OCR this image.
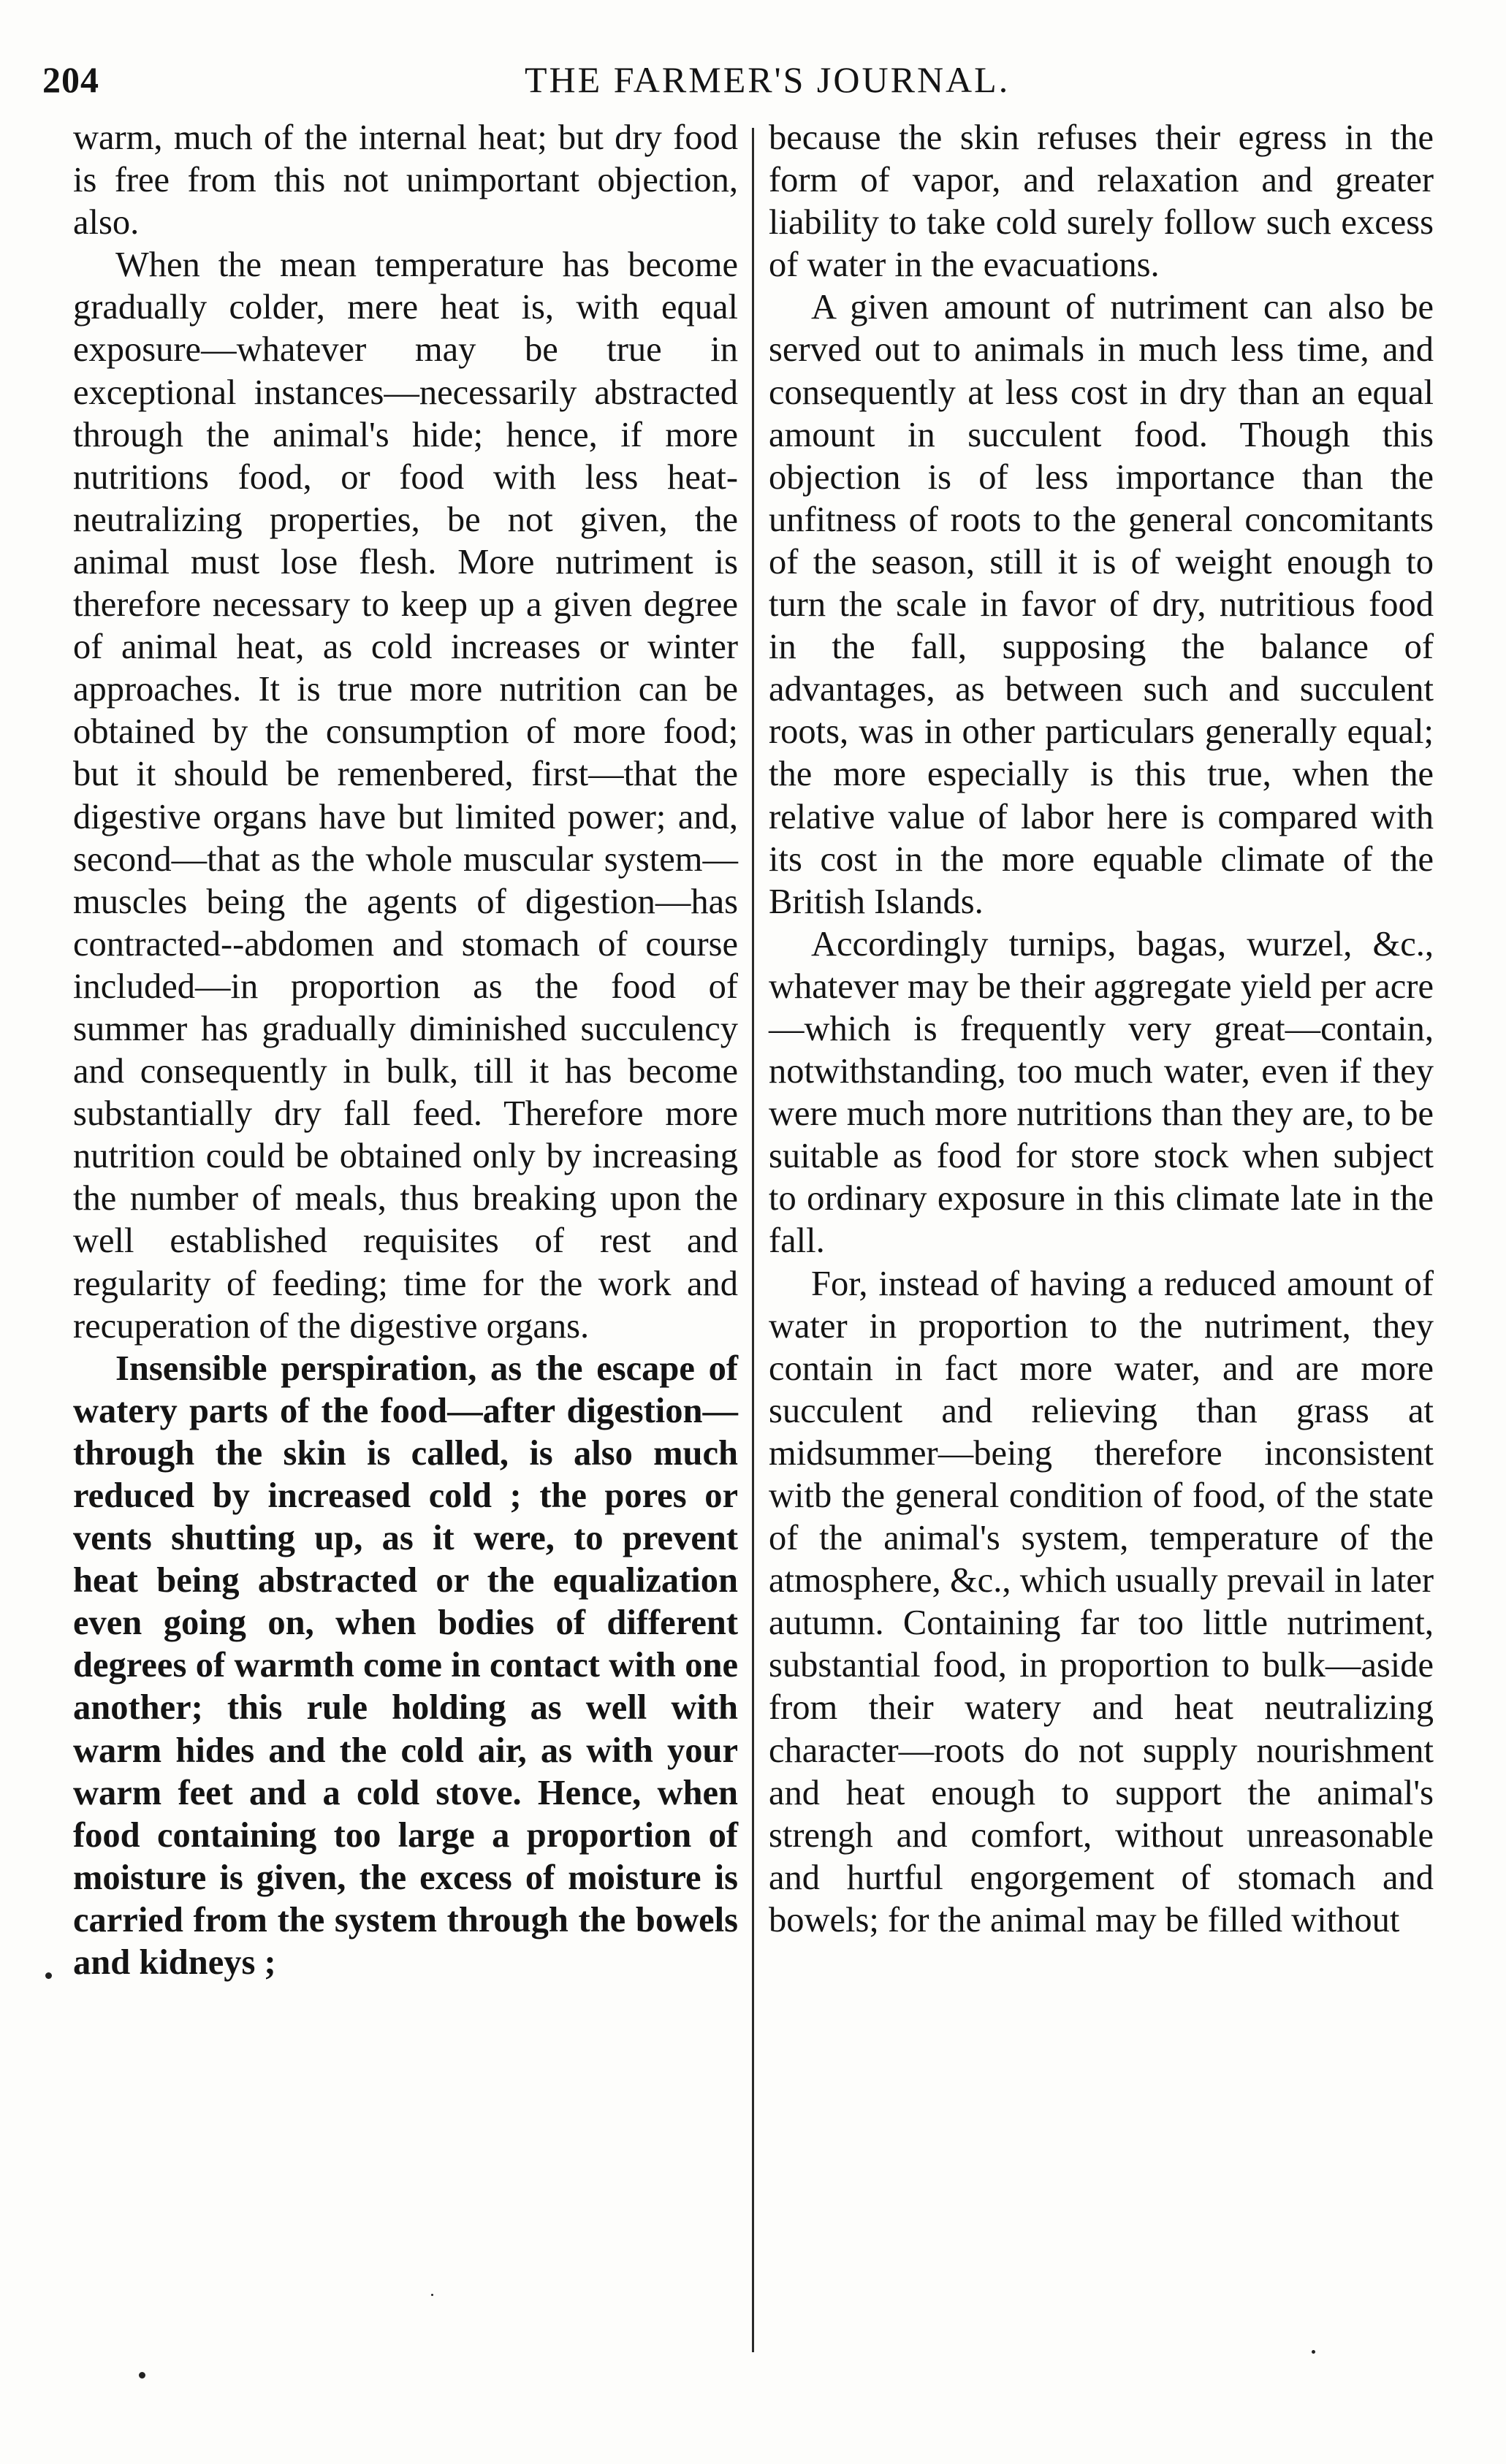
204	THE FARMER'S JOURNAL.

warm, much of the internal heat; but dry food is free from this not unimportant objection, also.

When the mean temperature has become gradually colder, mere heat is, with equal exposure—whatever may be true in exceptional instances—necessarily abstracted through the animal's hide; hence, if more nutritions food, or food with less heat-neutralizing properties, be not given, the animal must lose flesh. More nutriment is therefore necessary to keep up a given degree of animal heat, as cold increases or winter approaches. It is true more nutrition can be obtained by the consumption of more food; but it should be remenbered, first—that the digestive organs have but limited power; and, second—that as the whole muscular system—muscles being the agents of digestion—has contracted--abdomen and stomach of course included—in proportion as the food of summer has gradually diminished succulency and consequently in bulk, till it has become substantially dry fall feed. Therefore more nutrition could be obtained only by increasing the number of meals, thus breaking upon the well established requisites of rest and regularity of feeding; time for the work and recuperation of the digestive organs.

Insensible perspiration, as the escape of watery parts of the food—after digestion—through the skin is called, is also much reduced by increased cold ; the pores or vents shutting up, as it were, to prevent heat being abstracted or the equalization even going on, when bodies of different degrees of warmth come in contact with one another; this rule holding as well with warm hides and the cold air, as with your warm feet and a cold stove. Hence, when food containing too large a proportion of moisture is given, the excess of moisture is carried from the system through the bowels and kidneys ;

because the skin refuses their egress in the form of vapor, and relaxation and greater liability to take cold surely follow such excess of water in the evacuations.

A given amount of nutriment can also be served out to animals in much less time, and consequently at less cost in dry than an equal amount in succulent food. Though this objection is of less importance than the unfitness of roots to the general concomitants of the season, still it is of weight enough to turn the scale in favor of dry, nutritious food in the fall, supposing the balance of advantages, as between such and succulent roots, was in other particulars generally equal; the more especially is this true, when the relative value of labor here is compared with its cost in the more equable climate of the British Islands.

Accordingly turnips, bagas, wurzel, &c., whatever may be their aggregate yield per acre—which is frequently very great—contain, notwithstanding, too much water, even if they were much more nutritions than they are, to be suitable as food for store stock when subject to ordinary exposure in this climate late in the fall.

For, instead of having a reduced amount of water in proportion to the nutriment, they contain in fact more water, and are more succulent and relieving than grass at midsummer—being therefore inconsistent witb the general condition of food, of the state of the animal's system, temperature of the atmosphere, &c., which usually prevail in later autumn. Containing far too little nutriment, substantial food, in proportion to bulk—aside from their watery and heat neutralizing character—roots do not supply nourishment and heat enough to support the animal's strengh and comfort, without unreasonable and hurtful engorgement of stomach and bowels; for the animal may be filled without
